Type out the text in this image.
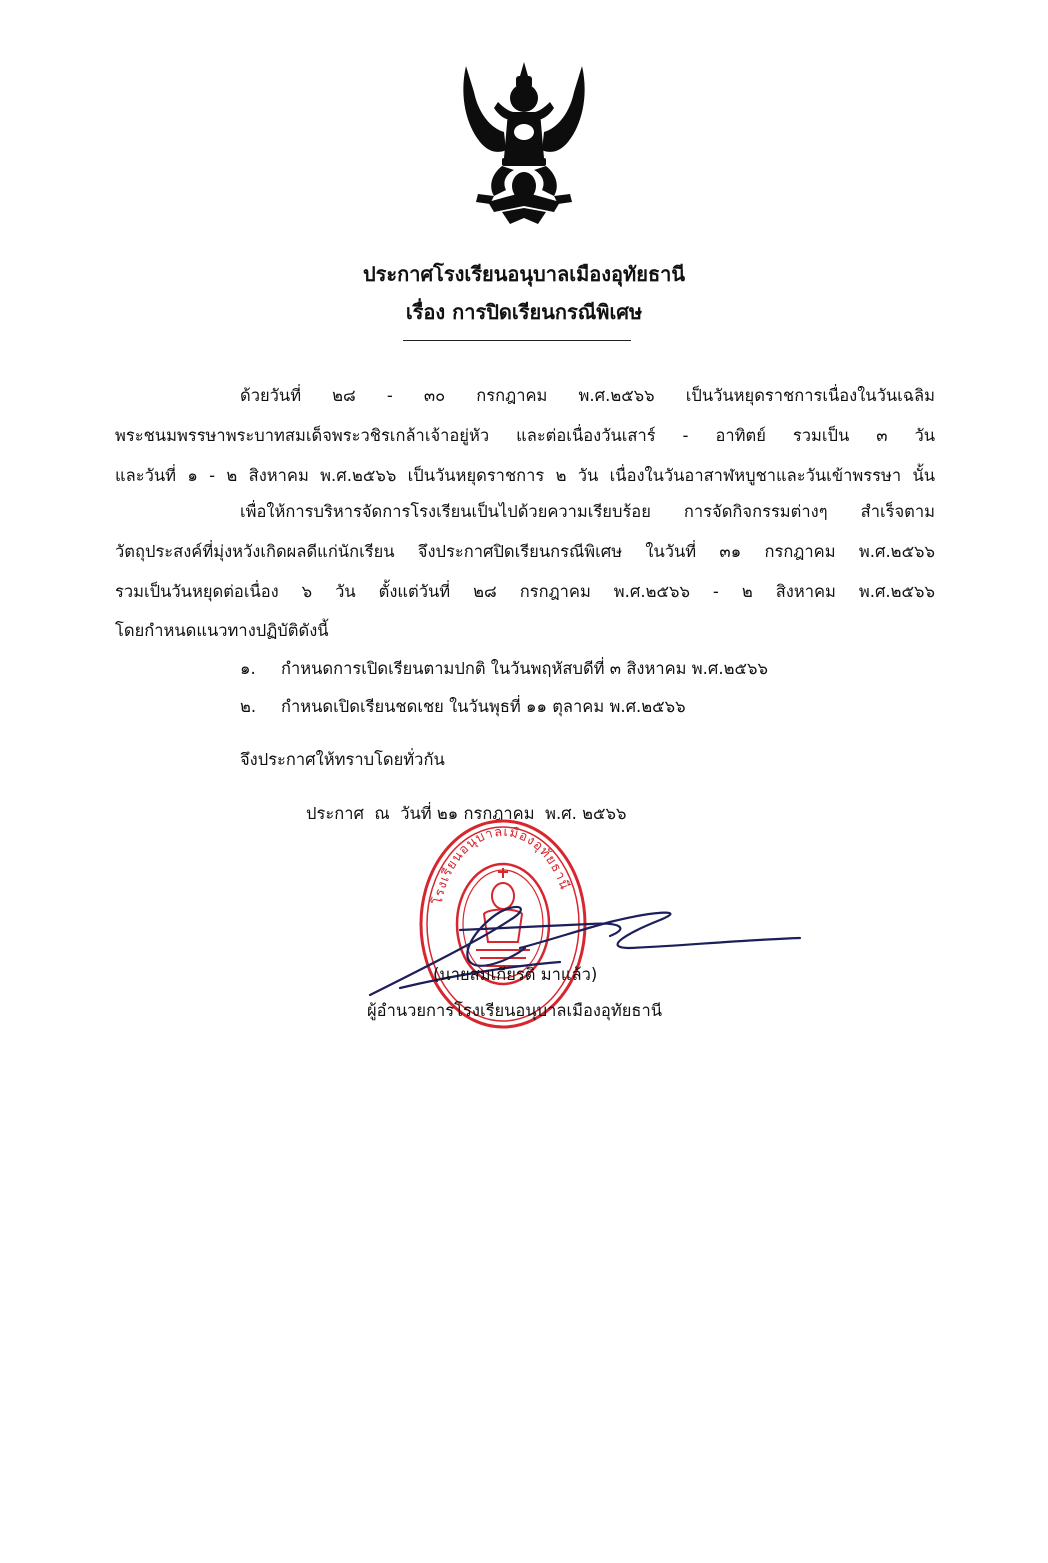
ประกาศโรงเรียนอนุบาลเมืองอุทัยธานี
เรื่อง การปิดเรียนกรณีพิเศษ
ด้วยวันที่ ๒๘ - ๓๐ กรกฎาคม พ.ศ.๒๕๖๖ เป็นวันหยุดราชการเนื่องในวันเฉลิม
พระชนมพรรษาพระบาทสมเด็จพระวชิรเกล้าเจ้าอยู่หัว และต่อเนื่องวันเสาร์ - อาทิตย์ รวมเป็น ๓ วัน
และวันที่ ๑ - ๒ สิงหาคม พ.ศ.๒๕๖๖ เป็นวันหยุดราชการ ๒ วัน เนื่องในวันอาสาฬหบูชาและวันเข้าพรรษา นั้น
เพื่อให้การบริหารจัดการโรงเรียนเป็นไปด้วยความเรียบร้อย การจัดกิจกรรมต่างๆ สำเร็จตาม
วัตถุประสงค์ที่มุ่งหวังเกิดผลดีแก่นักเรียน จึงประกาศปิดเรียนกรณีพิเศษ ในวันที่ ๓๑ กรกฎาคม พ.ศ.๒๕๖๖
รวมเป็นวันหยุดต่อเนื่อง ๖ วัน ตั้งแต่วันที่ ๒๘ กรกฎาคม พ.ศ.๒๕๖๖ - ๒ สิงหาคม พ.ศ.๒๕๖๖
โดยกำหนดแนวทางปฏิบัติดังนี้
๑. กำหนดการเปิดเรียนตามปกติ ในวันพฤหัสบดีที่ ๓ สิงหาคม พ.ศ.๒๕๖๖
๒. กำหนดเปิดเรียนชดเชย ในวันพุธที่ ๑๑ ตุลาคม พ.ศ.๒๕๖๖
จึงประกาศให้ทราบโดยทั่วกัน
ประกาศ  ณ  วันที่ ๒๑ กรกฎาคม  พ.ศ. ๒๕๖๖
โรงเรียนอนุบาลเมืองอุทัยธานี
(นายสมเกียรติ มาแล้ว)
ผู้อำนวยการโรงเรียนอนุบาลเมืองอุทัยธานี
